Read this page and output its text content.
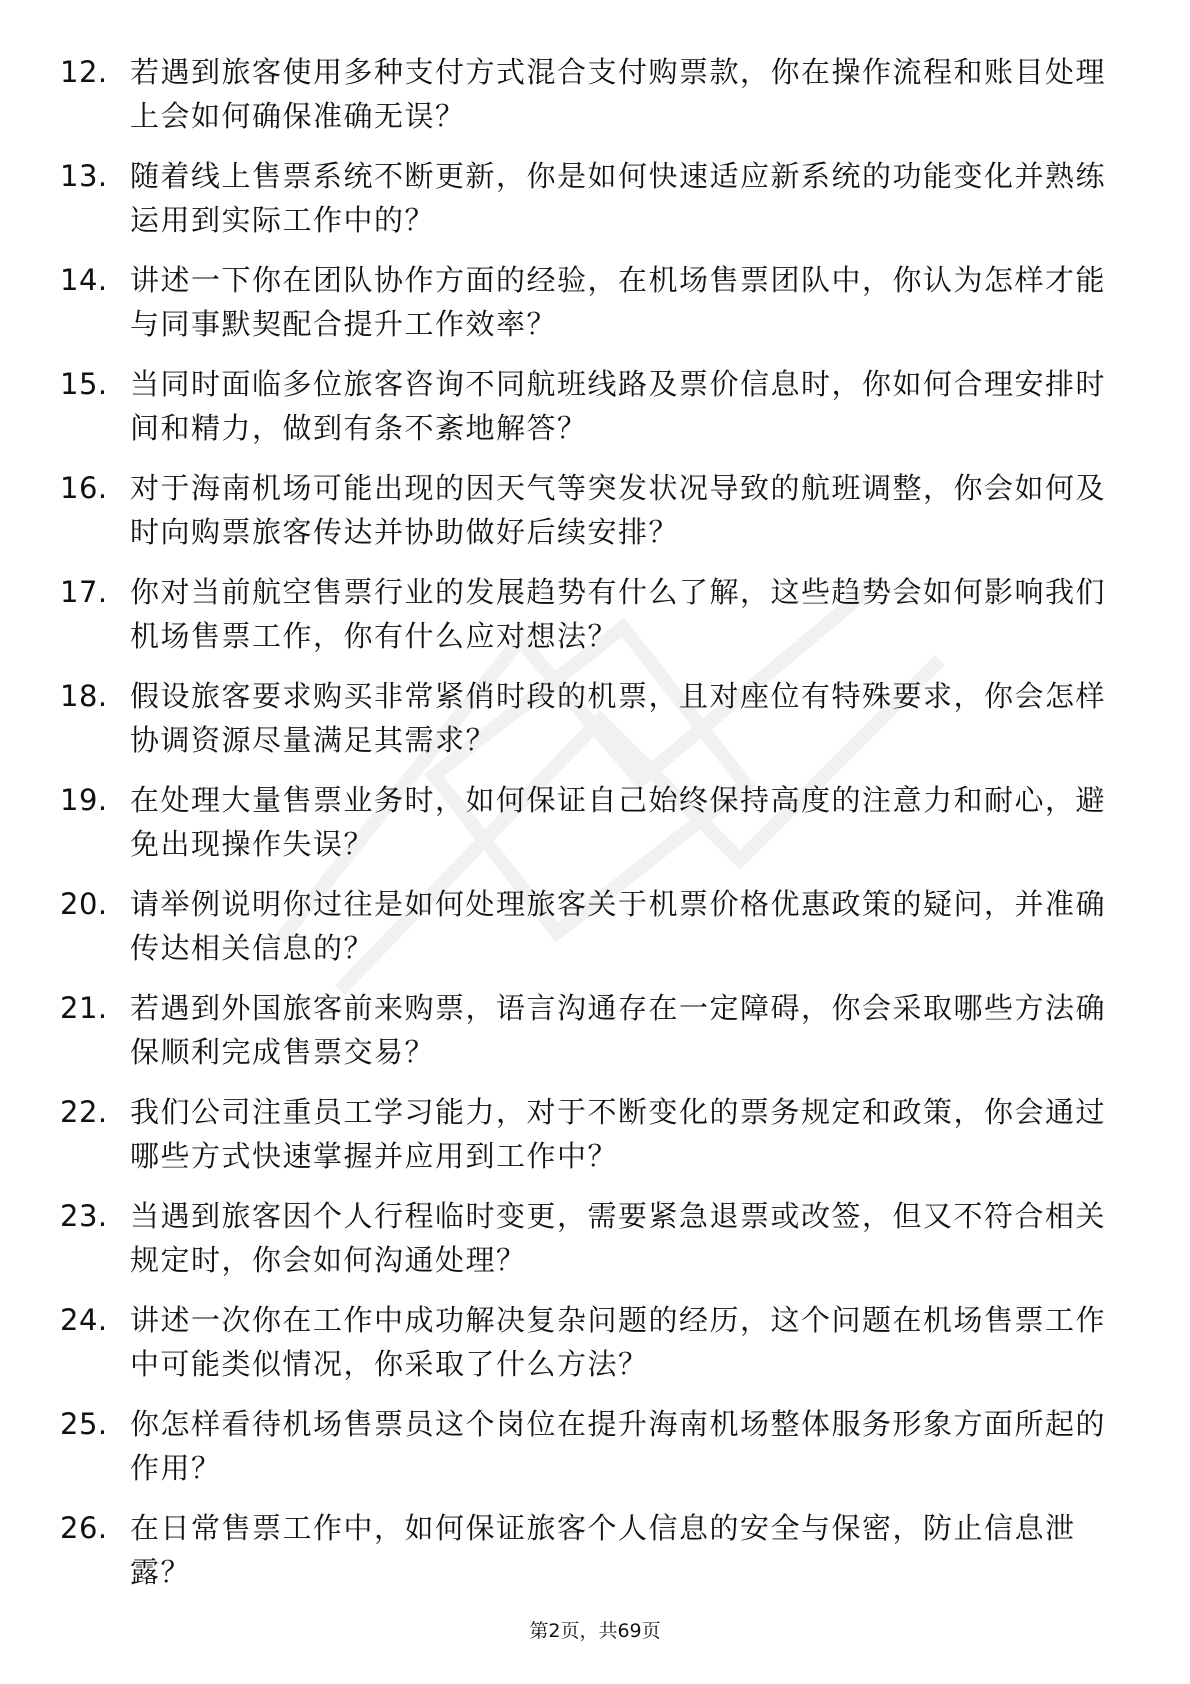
12. 若遇到旅客使用多种支付方式混合支付购票款，你在操作流程和账目处理上会如何确保准确无误？
13. 随着线上售票系统不断更新，你是如何快速适应新系统的功能变化并熟练运用到实际工作中的？
14. 讲述一下你在团队协作方面的经验，在机场售票团队中，你认为怎样才能与同事默契配合提升工作效率？
15. 当同时面临多位旅客咨询不同航班线路及票价信息时，你如何合理安排时间和精力，做到有条不紊地解答？
16. 对于海南机场可能出现的因天气等突发状况导致的航班调整，你会如何及时向购票旅客传达并协助做好后续安排？
17. 你对当前航空售票行业的发展趋势有什么了解，这些趋势会如何影响我们机场售票工作，你有什么应对想法？
18. 假设旅客要求购买非常紧俏时段的机票，且对座位有特殊要求，你会怎样协调资源尽量满足其需求？
19. 在处理大量售票业务时，如何保证自己始终保持高度的注意力和耐心，避免出现操作失误？
20. 请举例说明你过往是如何处理旅客关于机票价格优惠政策的疑问，并准确传达相关信息的？
21. 若遇到外国旅客前来购票，语言沟通存在一定障碍，你会采取哪些方法确保顺利完成售票交易？
22. 我们公司注重员工学习能力，对于不断变化的票务规定和政策，你会通过哪些方式快速掌握并应用到工作中？
23. 当遇到旅客因个人行程临时变更，需要紧急退票或改签，但又不符合相关规定时，你会如何沟通处理？
24. 讲述一次你在工作中成功解决复杂问题的经历，这个问题在机场售票工作中可能类似情况，你采取了什么方法？
25. 你怎样看待机场售票员这个岗位在提升海南机场整体服务形象方面所起的作用？
26. 在日常售票工作中，如何保证旅客个人信息的安全与保密，防止信息泄露？
第2页，共69页
